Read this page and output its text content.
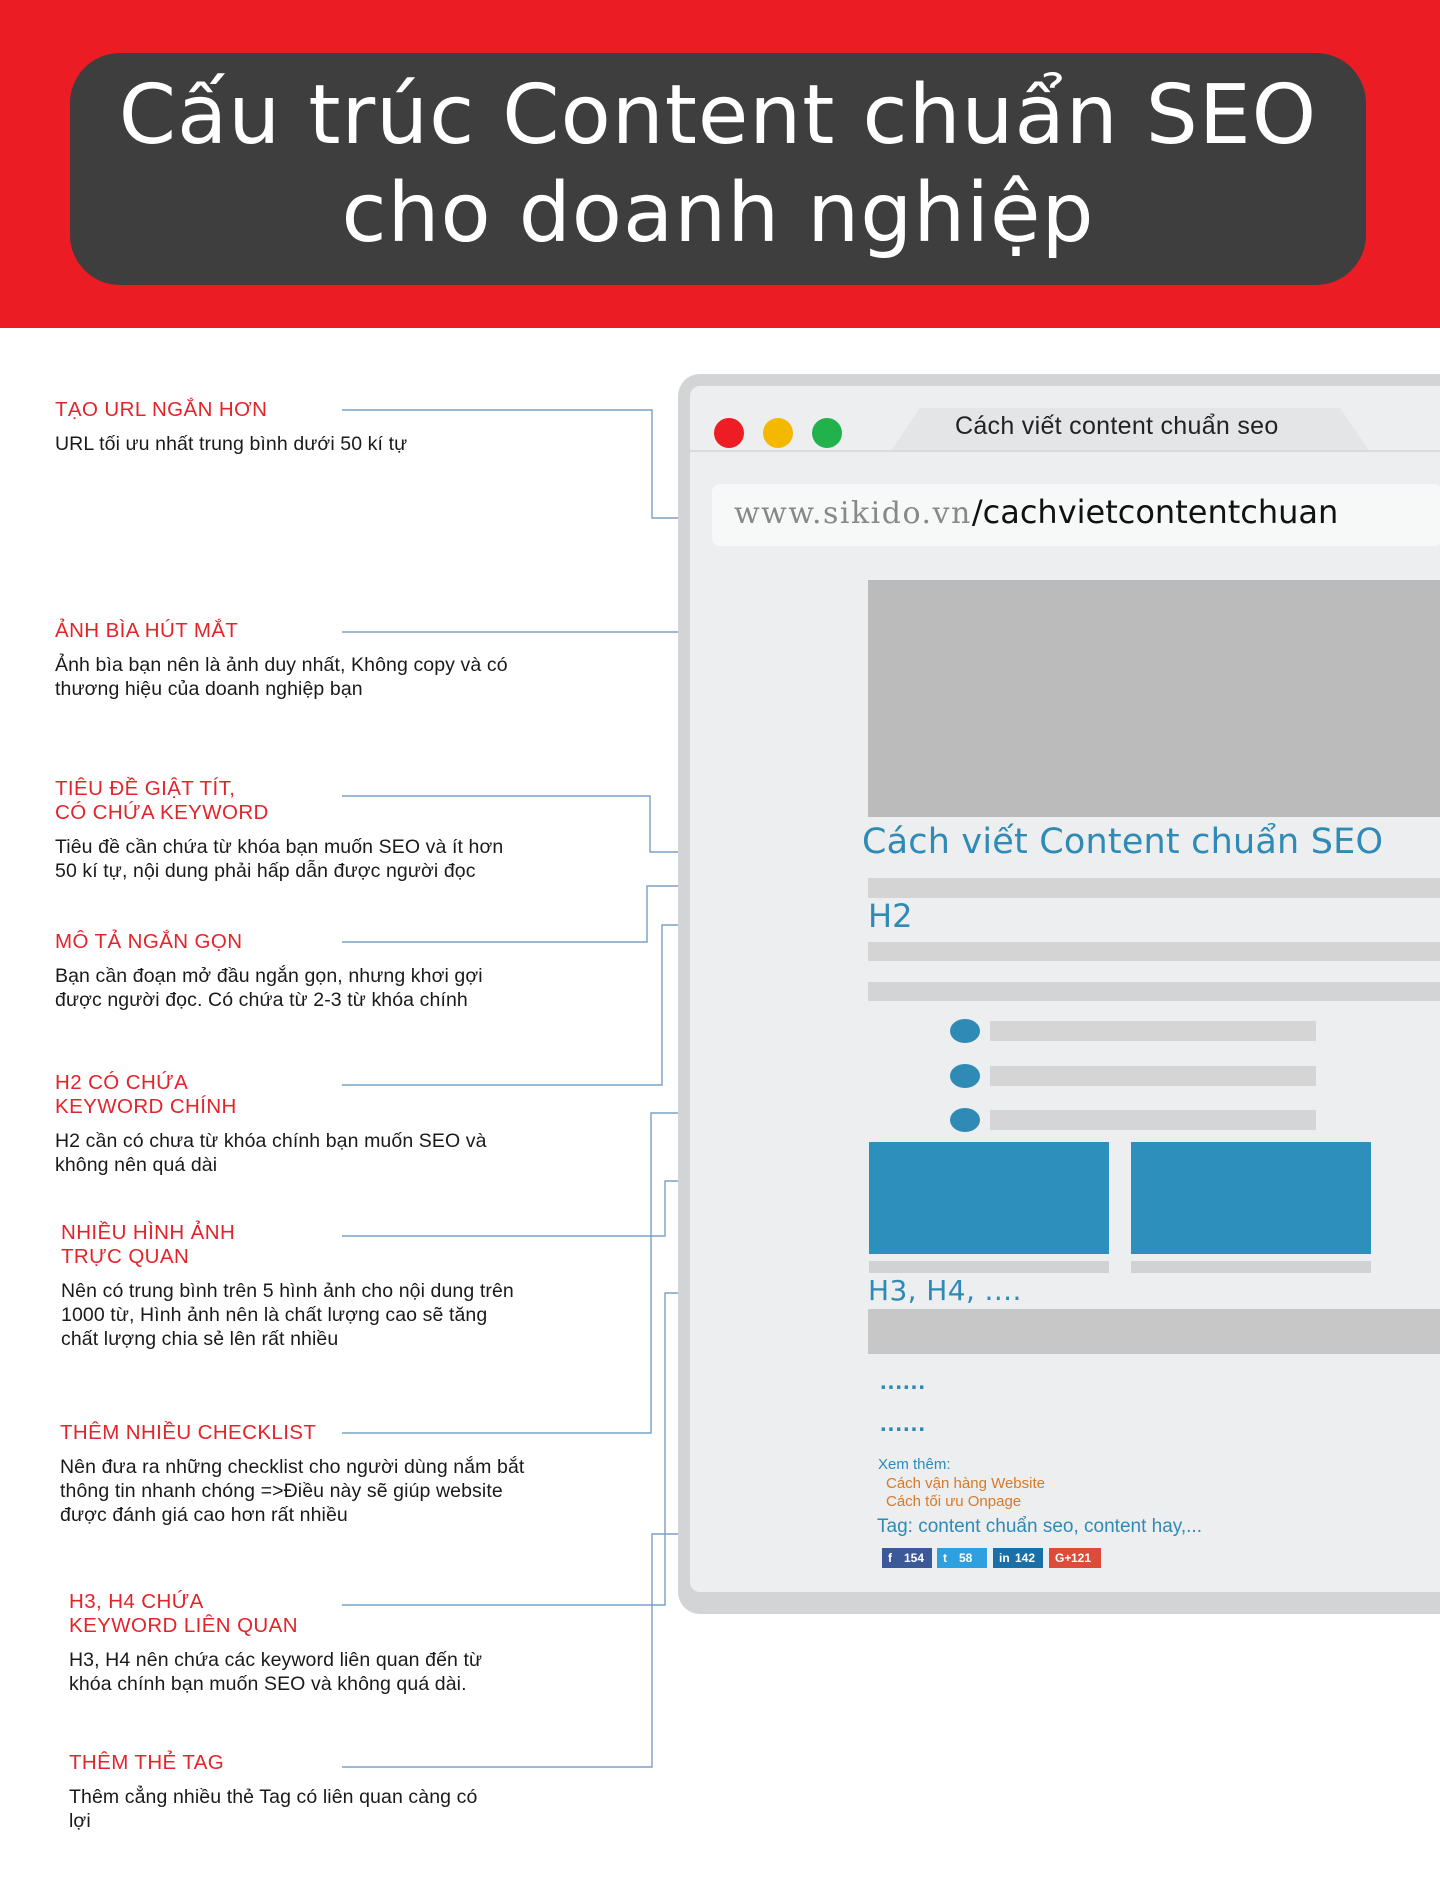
Cấu trúc Content chuẩn SEO
cho doanh nghiệp
TẠO URL NGẮN HƠN
URL tối ưu nhất trung bình dưới 50 kí tự
ẢNH BÌA HÚT MẮT
Ảnh bìa bạn nên là ảnh duy nhất, Không copy và có thương hiệu của doanh nghiệp bạn
TIÊU ĐỀ GIẬT TÍT,
CÓ CHỨA KEYWORD
Tiêu đề cần chứa từ khóa bạn muốn SEO và ít hơn 50 kí tự, nội dung phải hấp dẫn được người đọc
MÔ TẢ NGẮN GỌN
Bạn cần đoạn mở đầu ngắn gọn, nhưng khơi gợi được người đọc. Có chứa từ 2-3 từ khóa chính
H2 CÓ CHỨA
KEYWORD CHÍNH
H2 cần có chưa từ khóa chính bạn muốn SEO và không nên quá dài
NHIỀU HÌNH ẢNH
TRỰC QUAN
Nên có trung bình trên 5 hình ảnh cho nội dung trên 1000 từ, Hình ảnh nên là chất lượng cao sẽ tăng chất lượng chia sẻ lên rất nhiều
THÊM NHIỀU CHECKLIST
Nên đưa ra những checklist cho người dùng nắm bắt thông tin nhanh chóng =>Điều này sẽ giúp website được đánh giá cao hơn rất nhiều
H3, H4 CHỨA
KEYWORD LIÊN QUAN
H3, H4 nên chứa các keyword liên quan đến từ khóa chính bạn muốn SEO và không quá dài.
THÊM THẺ TAG
Thêm cẳng nhiều thẻ Tag có liên quan càng có lợi
Cách viết content chuẩn seo
www.sikido.vn/cachvietcontentchuan
Cách viết Content chuẩn SEO
H2
H3, H4, ....
......
......
Xem thêm:
Cách vận hàng Website
Cách tối ưu Onpage
Tag: content chuẩn seo, content hay,...
f 154	t 58	in 142	G+121
